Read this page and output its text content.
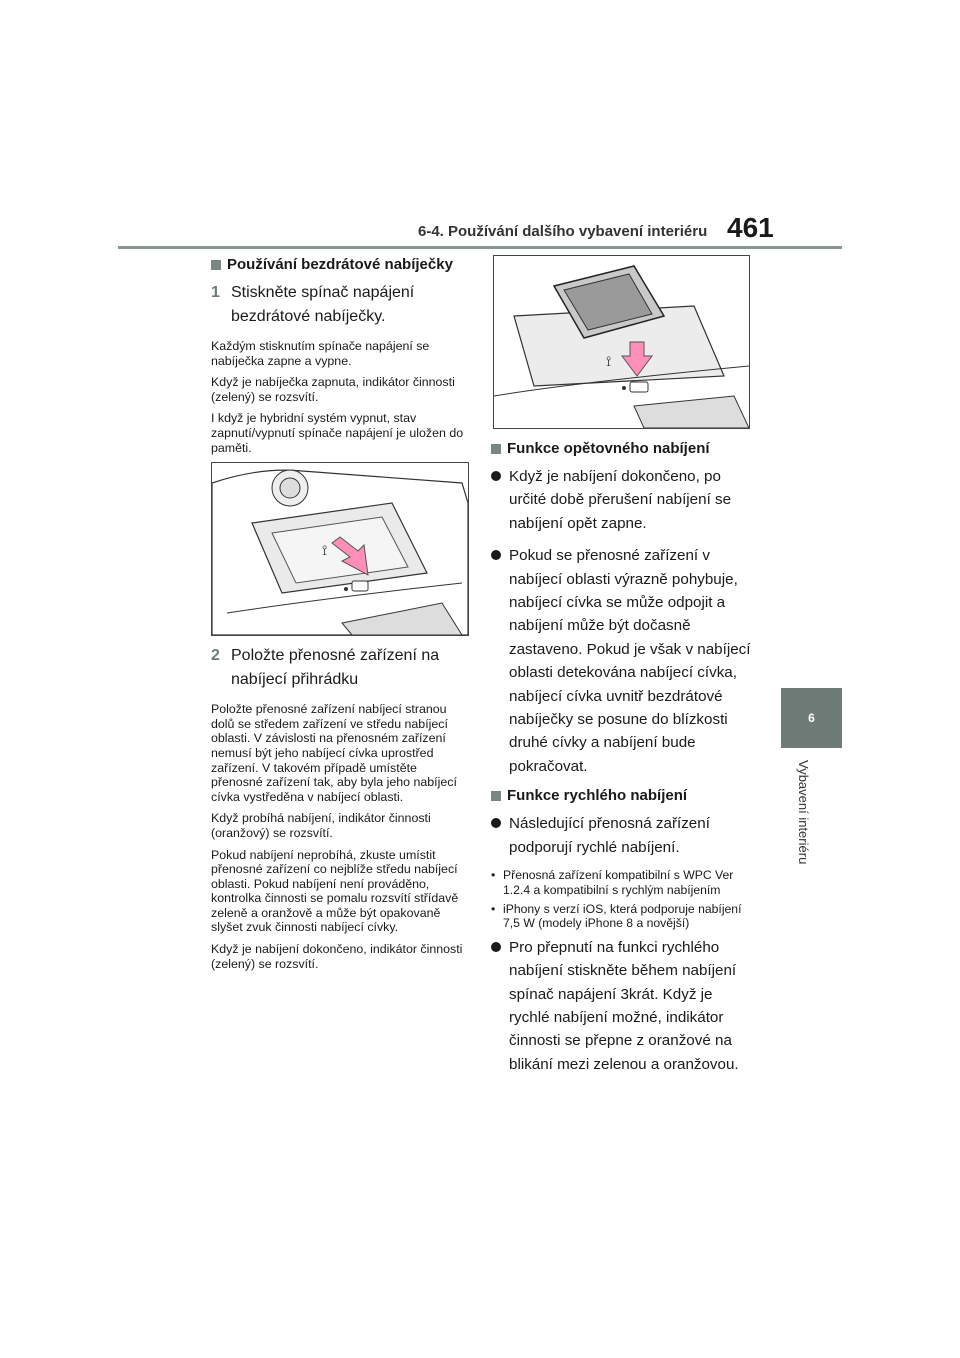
6-4. Používání dalšího vybavení interiéru 461
6
Vybavení interiéru
Používání bezdrátové nabíječky
1 Stiskněte spínač napájení bezdrátové nabíječky.

Každým stisknutím spínače napájení se nabíječka zapne a vypne.

Když je nabíječka zapnuta, indikátor činnosti (zelený) se rozsvítí.

I když je hybridní systém vypnut, stav zapnutí/vypnutí spínače napájení je uložen do paměti.

⟟
2 Položte přenosné zařízení na nabíjecí přihrádku

Položte přenosné zařízení nabíjecí stranou dolů se středem zařízení ve středu nabíjecí oblasti. V závislosti na přenosném zařízení nemusí být jeho nabíjecí cívka uprostřed zařízení. V takovém případě umístěte přenosné zařízení tak, aby byla jeho nabíjecí cívka vystředěna v nabíjecí oblasti.

Když probíhá nabíjení, indikátor činnosti (oranžový) se rozsvítí.

Pokud nabíjení neprobíhá, zkuste umístit přenosné zařízení co nejblíže středu nabíjecí oblasti. Pokud nabíjení není prováděno, kontrolka činnosti se pomalu rozsvítí střídavě zeleně a oranžově a může být opakovaně slyšet zvuk činnosti nabíjecí cívky.

Když je nabíjení dokončeno, indikátor činnosti (zelený) se rozsvítí.

⟟
Funkce opětovného nabíjení
Když je nabíjení dokončeno, po určité době přerušení nabíjení se nabíjení opět zapne.
Pokud se přenosné zařízení v nabíjecí oblasti výrazně pohybuje, nabíjecí cívka se může odpojit a nabíjení může být dočasně zastaveno. Pokud je však v nabíjecí oblasti detekována nabíjecí cívka, nabíjecí cívka uvnitř bezdrátové nabíječky se posune do blízkosti druhé cívky a nabíjení bude pokračovat.
Funkce rychlého nabíjení
Následující přenosná zařízení podporují rychlé nabíjení.
• Přenosná zařízení kompatibilní s WPC Ver 1.2.4 a kompatibilní s rychlým nabíjením
• iPhony s verzí iOS, která podporuje nabíjení 7,5 W (modely iPhone 8 a novější)
Pro přepnutí na funkci rychlého nabíjení stiskněte během nabíjení spínač napájení 3krát. Když je rychlé nabíjení možné, indikátor činnosti se přepne z oranžové na blikání mezi zelenou a oranžovou.
